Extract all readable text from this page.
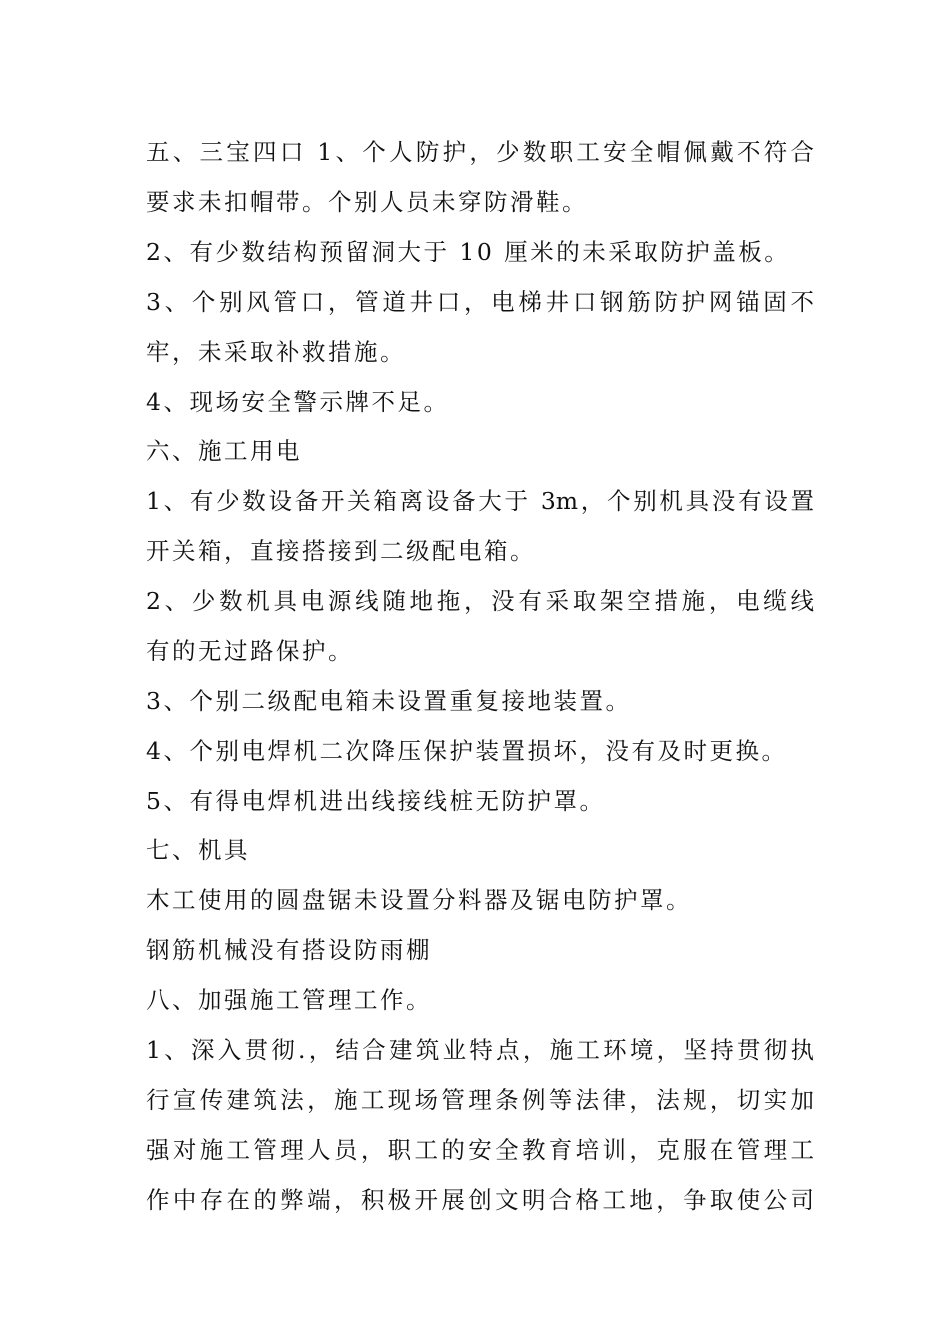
五、三宝四口 1、个人防护，少数职工安全帽佩戴不符合
要求未扣帽带。个别人员未穿防滑鞋。
2、有少数结构预留洞大于 10 厘米的未采取防护盖板。
3、个别风管口，管道井口，电梯井口钢筋防护网锚固不
牢，未采取补救措施。
4、现场安全警示牌不足。
六、施工用电
1、有少数设备开关箱离设备大于 3m，个别机具没有设置
开关箱，直接搭接到二级配电箱。
2、少数机具电源线随地拖，没有采取架空措施，电缆线
有的无过路保护。
3、个别二级配电箱未设置重复接地装置。
4、个别电焊机二次降压保护装置损坏，没有及时更换。
5、有得电焊机进出线接线桩无防护罩。
七、机具
木工使用的圆盘锯未设置分料器及锯电防护罩。
钢筋机械没有搭设防雨棚
八、加强施工管理工作。
1、深入贯彻.，结合建筑业特点，施工环境，坚持贯彻执
行宣传建筑法，施工现场管理条例等法律，法规，切实加
强对施工管理人员，职工的安全教育培训，克服在管理工
作中存在的弊端，积极开展创文明合格工地，争取使公司
